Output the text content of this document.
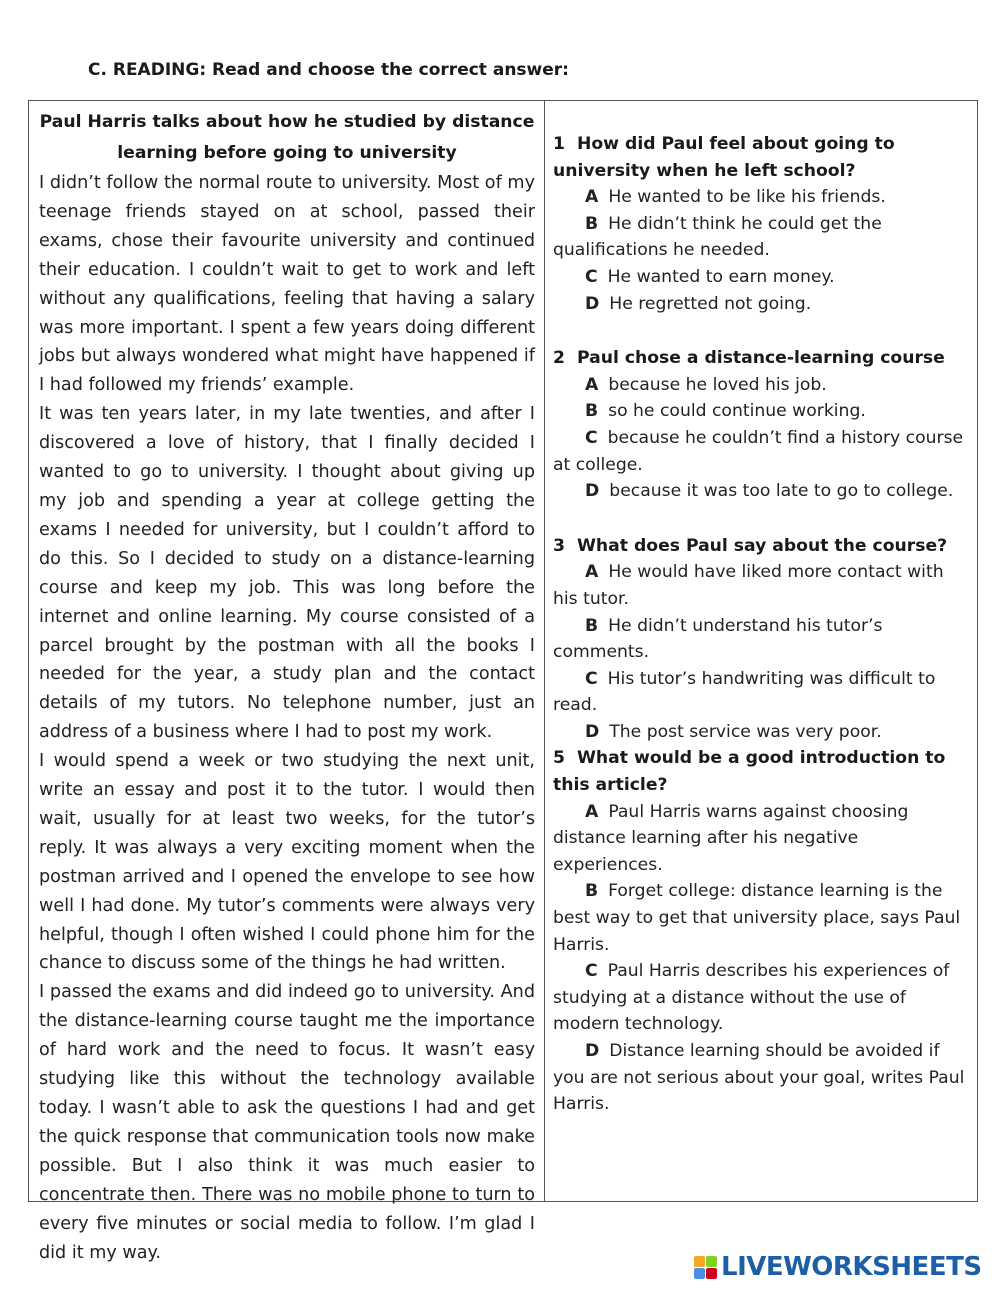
C. READING: Read and choose the correct answer:

Paul Harris talks about how he studied by distance learning before going to university

I didn’t follow the normal route to university. Most of my teenage friends stayed on at school, passed their exams, chose their favourite university and continued their education. I couldn’t wait to get to work and left without any qualifications, feeling that having a salary was more important. I spent a few years doing different jobs but always wondered what might have happened if I had followed my friends’ example.

It was ten years later, in my late twenties, and after I discovered a love of history, that I finally decided I wanted to go to university. I thought about giving up my job and spending a year at college getting the exams I needed for university, but I couldn’t afford to do this. So I decided to study on a distance-learning course and keep my job. This was long before the internet and online learning. My course consisted of a parcel brought by the postman with all the books I needed for the year, a study plan and the contact details of my tutors. No telephone number, just an address of a business where I had to post my work.

I would spend a week or two studying the next unit, write an essay and post it to the tutor. I would then wait, usually for at least two weeks, for the tutor’s reply. It was always a very exciting moment when the postman arrived and I opened the envelope to see how well I had done. My tutor’s comments were always very helpful, though I often wished I could phone him for the chance to discuss some of the things he had written.

I passed the exams and did indeed go to university. And the distance-learning course taught me the importance of hard work and the need to focus. It wasn’t easy studying like this without the technology available today. I wasn’t able to ask the questions I had and get the quick response that communication tools now make possible. But I also think it was much easier to concentrate then. There was no mobile phone to turn to every five minutes or social media to follow. I’m glad I did it my way.

1 How did Paul feel about going to university when he left school?
A He wanted to be like his friends.
B He didn’t think he could get the qualifications he needed.
C He wanted to earn money.
D He regretted not going.
2 Paul chose a distance-learning course
A because he loved his job.
B so he could continue working.
C because he couldn’t find a history course at college.
D because it was too late to go to college.
3 What does Paul say about the course?
A He would have liked more contact with his tutor.
B He didn’t understand his tutor’s comments.
C His tutor’s handwriting was difficult to read.
D The post service was very poor.
5 What would be a good introduction to this article?
A Paul Harris warns against choosing distance learning after his negative experiences.
B Forget college: distance learning is the best way to get that university place, says Paul Harris.
C Paul Harris describes his experiences of studying at a distance without the use of modern technology.
D Distance learning should be avoided if you are not serious about your goal, writes Paul Harris.
LIVEWORKSHEETS
